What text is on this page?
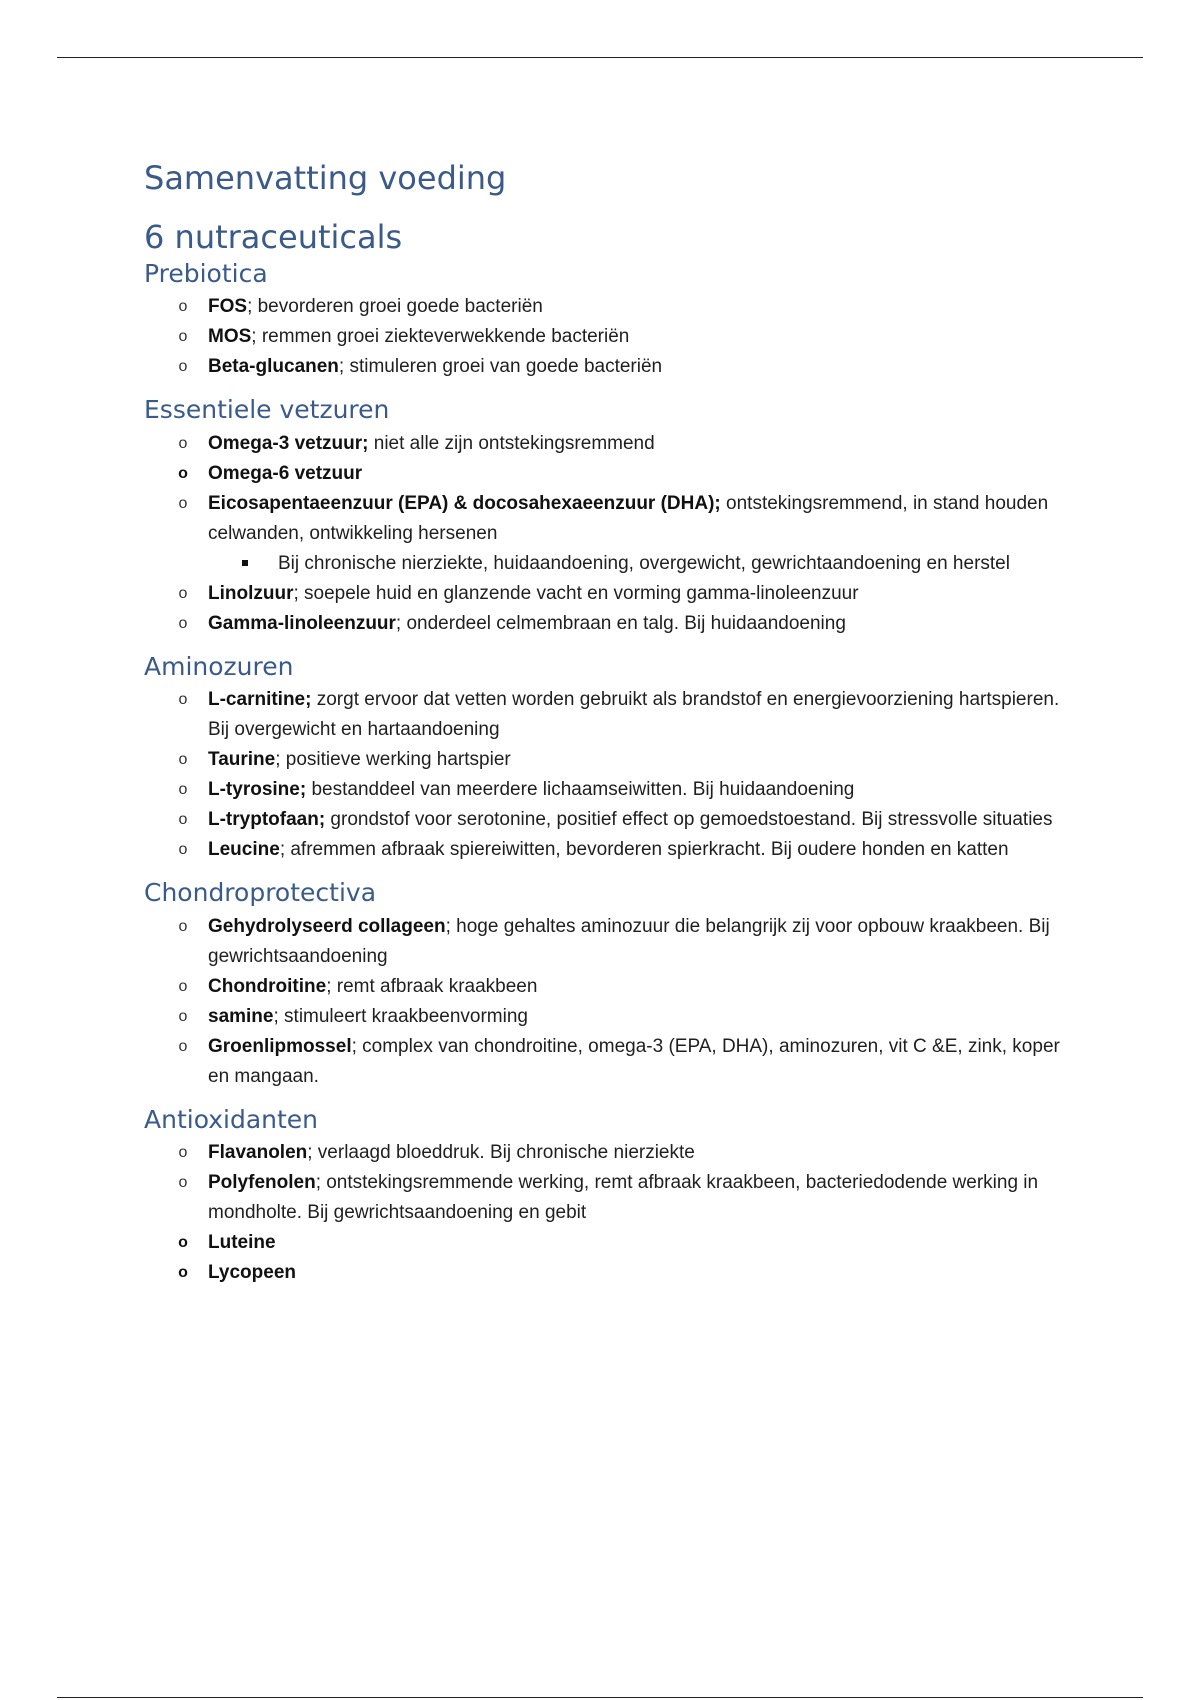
Samenvatting voeding
6 nutraceuticals
Prebiotica
o FOS; bevorderen groei goede bacteriën
o MOS; remmen groei ziekteverwekkende bacteriën
o Beta-glucanen; stimuleren groei van goede bacteriën
Essentiele vetzuren
o Omega-3 vetzuur; niet alle zijn ontstekingsremmend
o Omega-6 vetzuur
o Eicosapentaeenzuur (EPA) & docosahexaeenzuur (DHA); ontstekingsremmend, in stand houden celwanden, ontwikkeling hersenen
Bij chronische nierziekte, huidaandoening, overgewicht, gewrichtaandoening en herstel
o Linolzuur; soepele huid en glanzende vacht en vorming gamma-linoleenzuur
o Gamma-linoleenzuur; onderdeel celmembraan en talg. Bij huidaandoening
Aminozuren
o L-carnitine; zorgt ervoor dat vetten worden gebruikt als brandstof en energievoorziening hartspieren. Bij overgewicht en hartaandoening
o Taurine; positieve werking hartspier
o L-tyrosine; bestanddeel van meerdere lichaamseiwitten. Bij huidaandoening
o L-tryptofaan; grondstof voor serotonine, positief effect op gemoedstoestand. Bij stressvolle situaties
o Leucine; afremmen afbraak spiereiwitten, bevorderen spierkracht. Bij oudere honden en katten
Chondroprotectiva
o Gehydrolyseerd collageen; hoge gehaltes aminozuur die belangrijk zij voor opbouw kraakbeen. Bij gewrichtsaandoening
o Chondroitine; remt afbraak kraakbeen
o samine; stimuleert kraakbeenvorming
o Groenlipmossel; complex van chondroitine, omega-3 (EPA, DHA), aminozuren, vit C &E, zink, koper en mangaan.
Antioxidanten
o Flavanolen; verlaagd bloeddruk. Bij chronische nierziekte
o Polyfenolen; ontstekingsremmende werking, remt afbraak kraakbeen, bacteriedodende werking in mondholte. Bij gewrichtsaandoening en gebit
o Luteine
o Lycopeen
